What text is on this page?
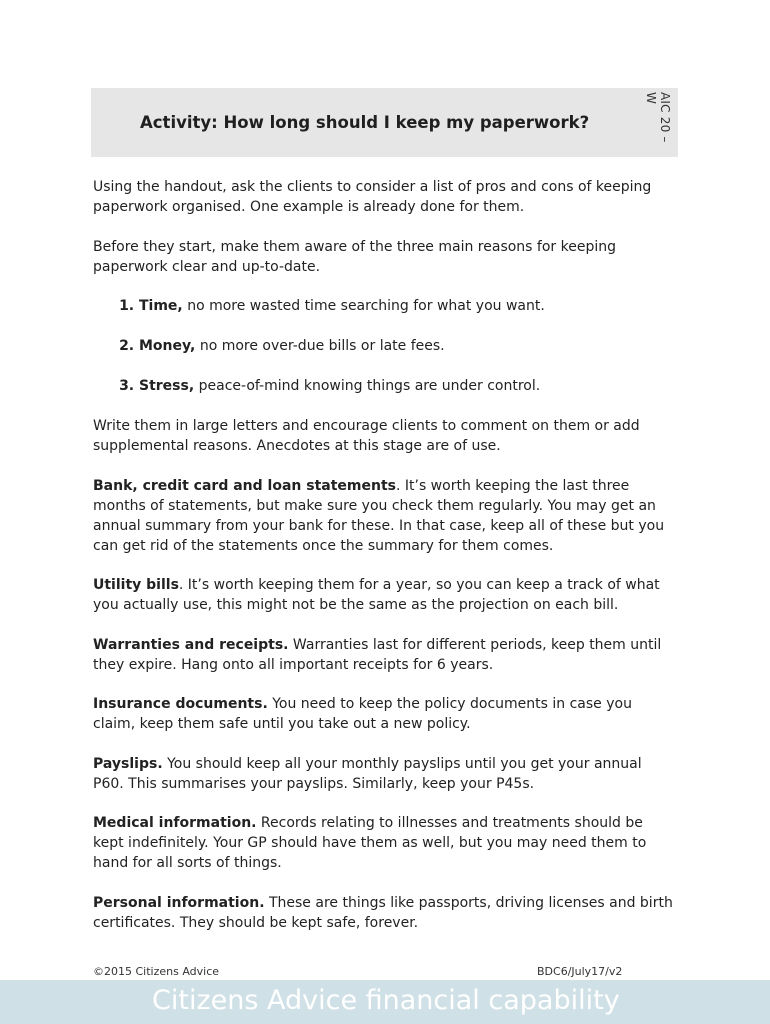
Activity: How long should I keep my paperwork?	AIC 20 – W

Using the handout, ask the clients to consider a list of pros and cons of keeping paperwork organised. One example is already done for them.

Before they start, make them aware of the three main reasons for keeping paperwork clear and up-to-date.

1. Time, no more wasted time searching for what you want.
2. Money, no more over-due bills or late fees.
3. Stress, peace-of-mind knowing things are under control.

Write them in large letters and encourage clients to comment on them or add supplemental reasons. Anecdotes at this stage are of use.

Bank, credit card and loan statements. It’s worth keeping the last three months of statements, but make sure you check them regularly. You may get an annual summary from your bank for these. In that case, keep all of these but you can get rid of the statements once the summary for them comes.

Utility bills. It’s worth keeping them for a year, so you can keep a track of what you actually use, this might not be the same as the projection on each bill.

Warranties and receipts. Warranties last for different periods, keep them until they expire. Hang onto all important receipts for 6 years.

Insurance documents. You need to keep the policy documents in case you claim, keep them safe until you take out a new policy.

Payslips. You should keep all your monthly payslips until you get your annual P60. This summarises your payslips. Similarly, keep your P45s.

Medical information. Records relating to illnesses and treatments should be kept indefinitely. Your GP should have them as well, but you may need them to hand for all sorts of things.

Personal information. These are things like passports, driving licenses and birth certificates. They should be kept safe, forever.

©2015 Citizens Advice	BDC6/July17/v2
Citizens Advice financial capability
